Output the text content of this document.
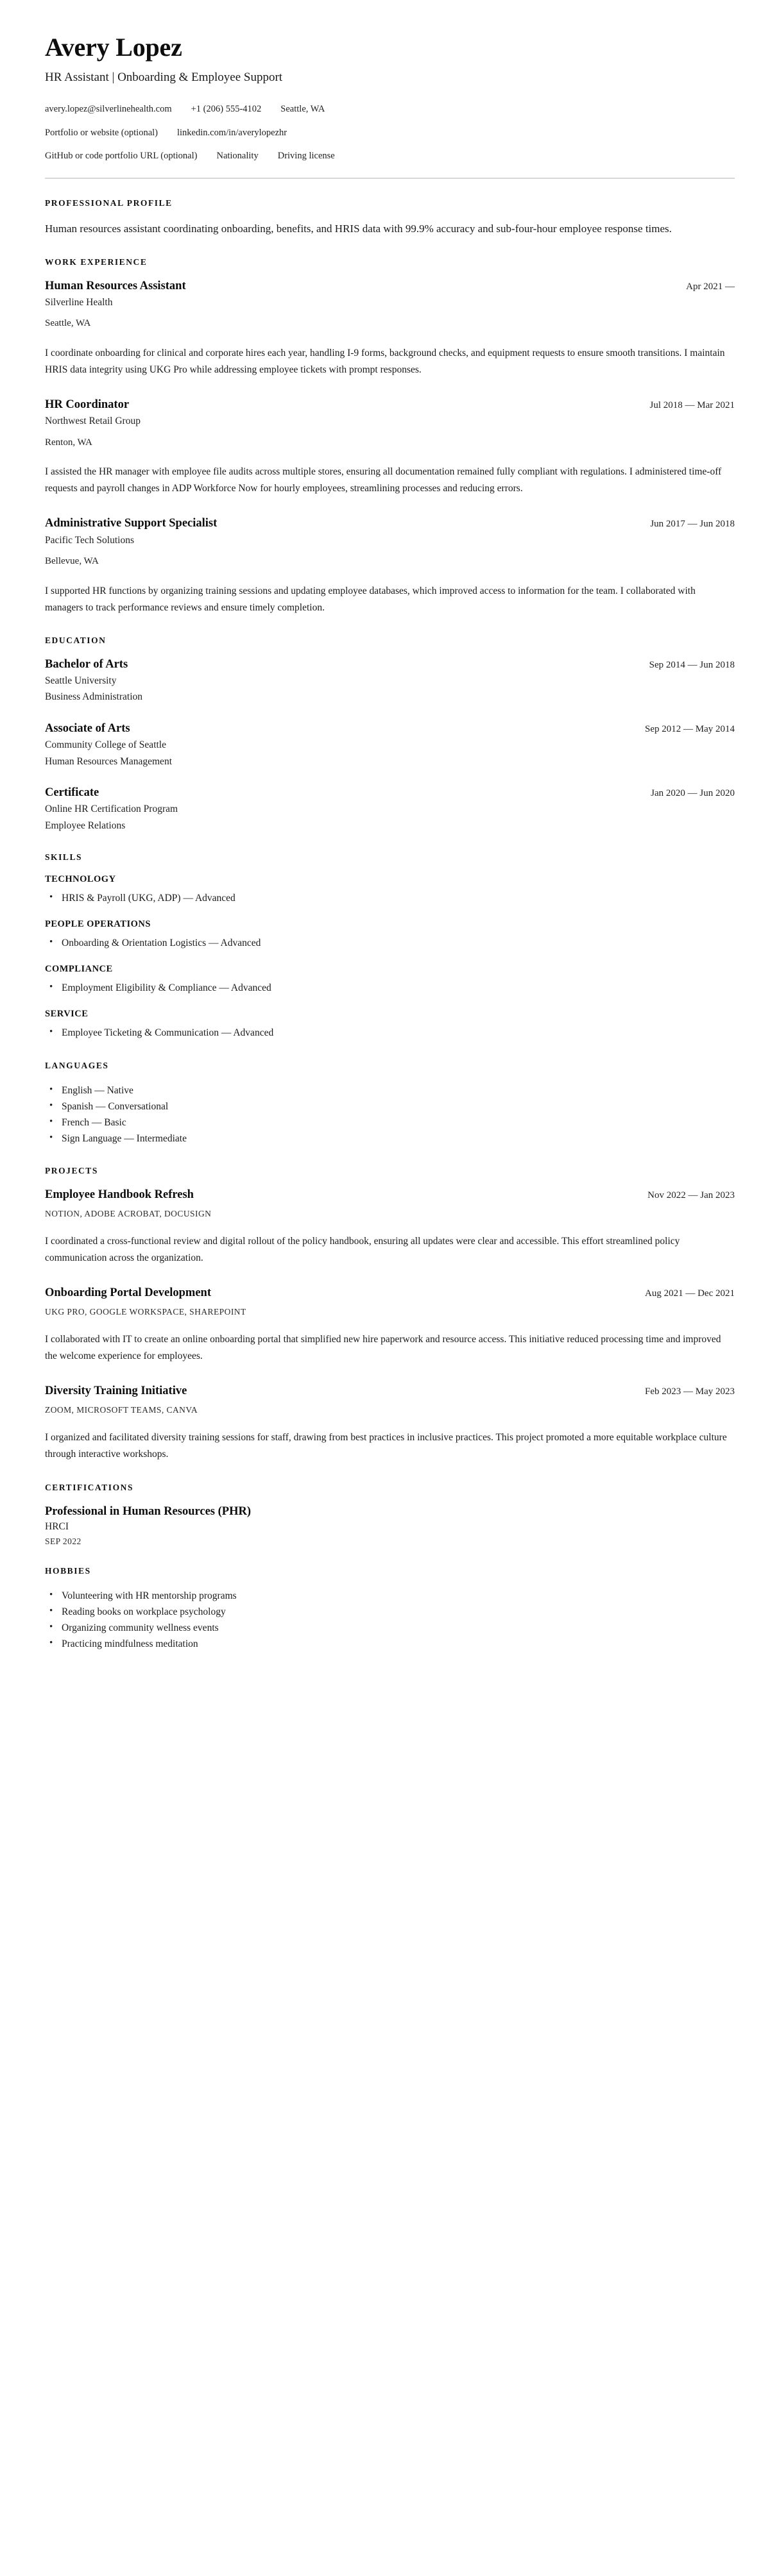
Avery Lopez
HR Assistant | Onboarding & Employee Support
avery.lopez@silverlinehealth.com +1 (206) 555-4102 Seattle, WA
Portfolio or website (optional) linkedin.com/in/averylopezhr
GitHub or code portfolio URL (optional) Nationality Driving license
PROFESSIONAL PROFILE

Human resources assistant coordinating onboarding, benefits, and HRIS data with 99.9% accuracy and sub-four-hour employee response times.

WORK EXPERIENCE
Human Resources Assistant	Apr 2021 —
Silverline Health
Seattle, WA

I coordinate onboarding for clinical and corporate hires each year, handling I-9 forms, background checks, and equipment requests to ensure smooth transitions. I maintain HRIS data integrity using UKG Pro while addressing employee tickets with prompt responses.

HR Coordinator	Jul 2018 — Mar 2021
Northwest Retail Group
Renton, WA

I assisted the HR manager with employee file audits across multiple stores, ensuring all documentation remained fully compliant with regulations. I administered time-off requests and payroll changes in ADP Workforce Now for hourly employees, streamlining processes and reducing errors.

Administrative Support Specialist	Jun 2017 — Jun 2018
Pacific Tech Solutions
Bellevue, WA

I supported HR functions by organizing training sessions and updating employee databases, which improved access to information for the team. I collaborated with managers to track performance reviews and ensure timely completion.

EDUCATION
Bachelor of Arts	Sep 2014 — Jun 2018
Seattle University
Business Administration
Associate of Arts	Sep 2012 — May 2014
Community College of Seattle
Human Resources Management
Certificate	Jan 2020 — Jun 2020
Online HR Certification Program
Employee Relations
SKILLS
TECHNOLOGY
• HRIS & Payroll (UKG, ADP) — Advanced
PEOPLE OPERATIONS
• Onboarding & Orientation Logistics — Advanced
COMPLIANCE
• Employment Eligibility & Compliance — Advanced
SERVICE
• Employee Ticketing & Communication — Advanced
LANGUAGES
• English — Native
• Spanish — Conversational
• French — Basic
• Sign Language — Intermediate
PROJECTS
Employee Handbook Refresh	Nov 2022 — Jan 2023
NOTION, ADOBE ACROBAT, DOCUSIGN

I coordinated a cross-functional review and digital rollout of the policy handbook, ensuring all updates were clear and accessible. This effort streamlined policy communication across the organization.

Onboarding Portal Development	Aug 2021 — Dec 2021
UKG PRO, GOOGLE WORKSPACE, SHAREPOINT

I collaborated with IT to create an online onboarding portal that simplified new hire paperwork and resource access. This initiative reduced processing time and improved the welcome experience for employees.

Diversity Training Initiative	Feb 2023 — May 2023
ZOOM, MICROSOFT TEAMS, CANVA

I organized and facilitated diversity training sessions for staff, drawing from best practices in inclusive practices. This project promoted a more equitable workplace culture through interactive workshops.

CERTIFICATIONS
Professional in Human Resources (PHR)
HRCI
SEP 2022
HOBBIES
• Volunteering with HR mentorship programs
• Reading books on workplace psychology
• Organizing community wellness events
• Practicing mindfulness meditation
